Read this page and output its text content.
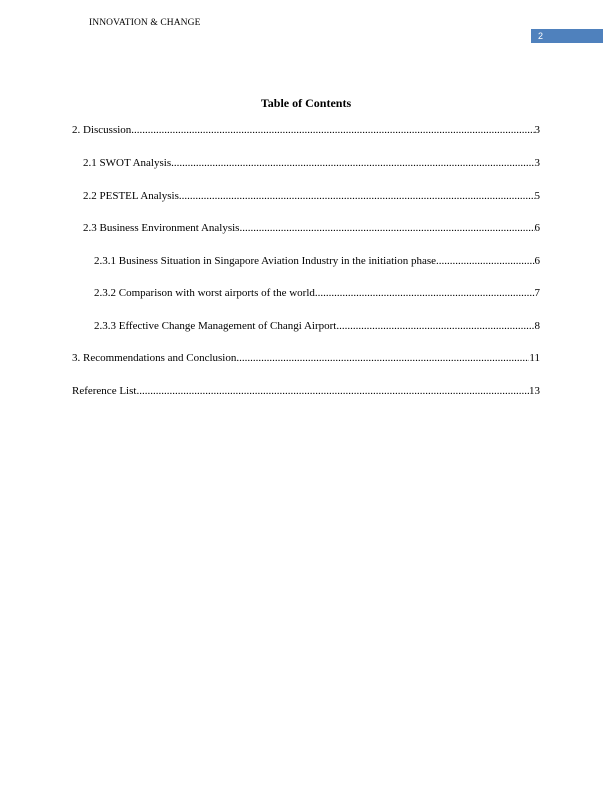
INNOVATION & CHANGE
2
Table of Contents
2. Discussion .....	3
2.1 SWOT Analysis .....	3
2.2 PESTEL Analysis .....	5
2.3 Business Environment Analysis .....	6
2.3.1 Business Situation in Singapore Aviation Industry in the initiation phase .....	6
2.3.2 Comparison with worst airports of the world .....	7
2.3.3 Effective Change Management of Changi Airport .....	8
3. Recommendations and Conclusion .....	11
Reference List .....	13
